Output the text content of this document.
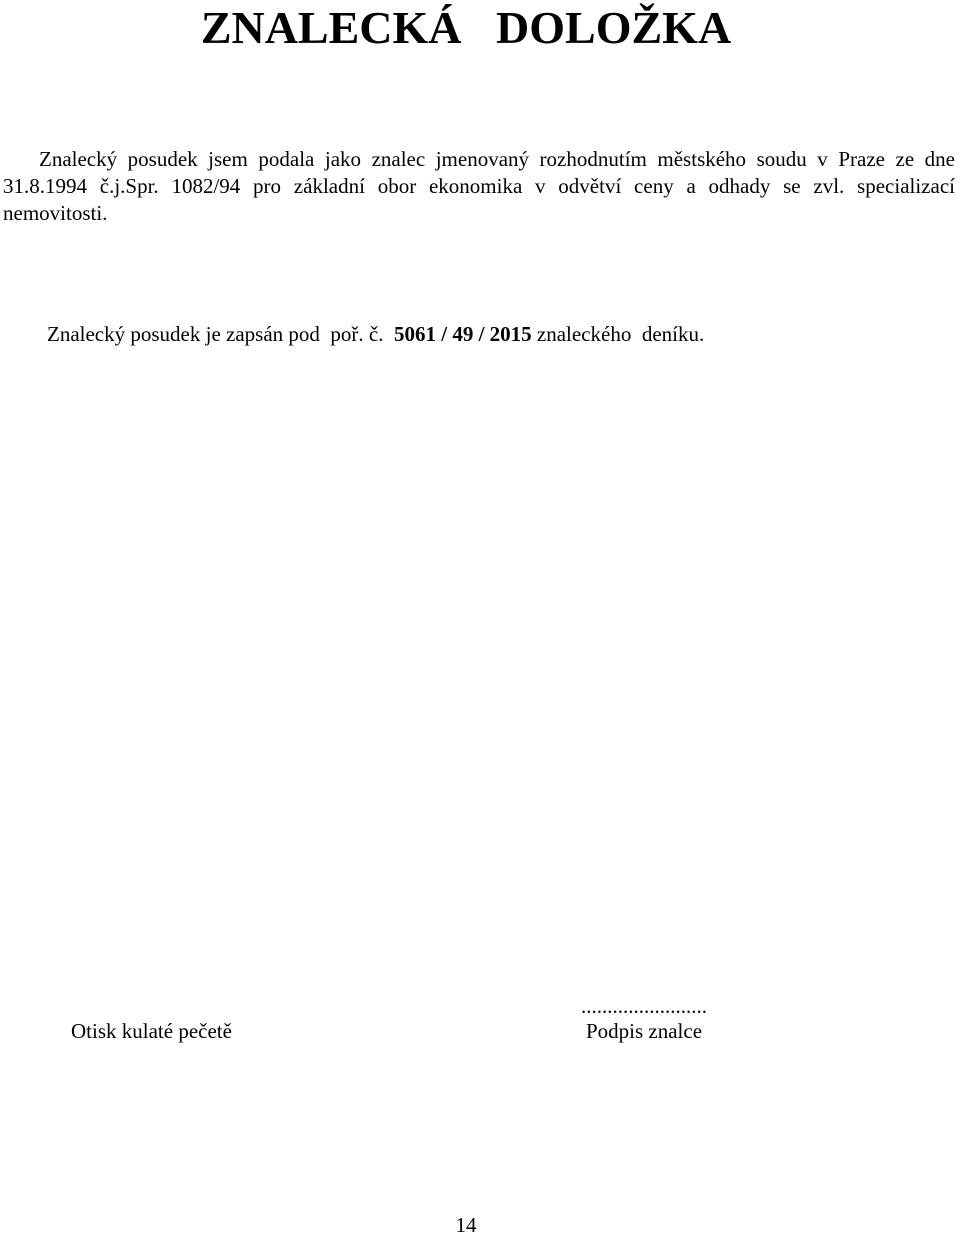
ZNALECKÁ   DOLOŽKA
Znalecký posudek jsem podala jako znalec jmenovaný rozhodnutím městského soudu v Praze ze dne 31.8.1994 č.j.Spr. 1082/94 pro základní obor ekonomika v odvětví ceny a odhady se zvl. specializací nemovitosti.
Znalecký posudek je zapsán pod  poř. č.  5061 / 49 / 2015 znaleckého  deníku.
Otisk kulaté pečetě
........................
Podpis znalce
14
